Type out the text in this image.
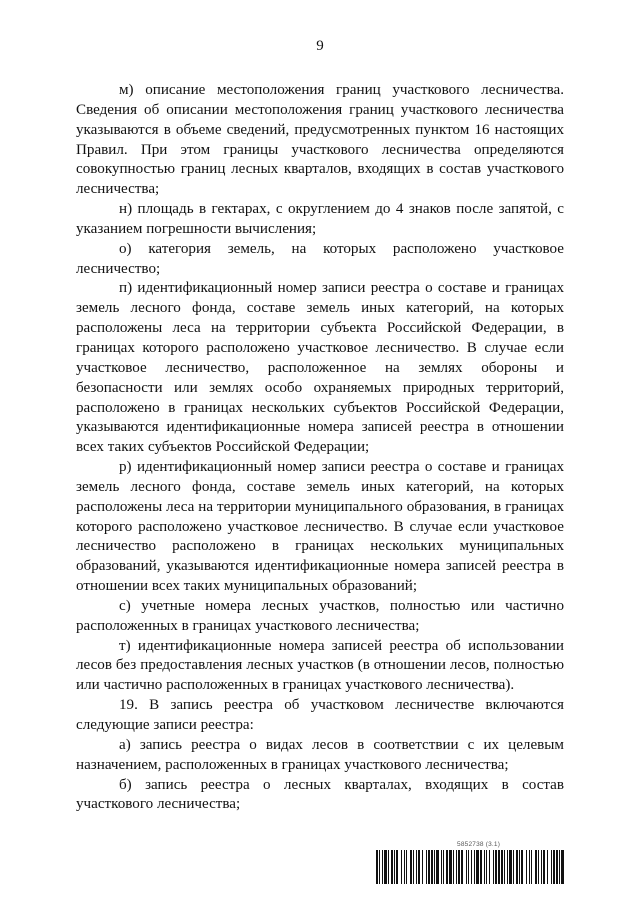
9

м) описание местоположения границ участкового лесничества. Сведения об описании местоположения границ участкового лесничества указываются в объеме сведений, предусмотренных пунктом 16 настоящих Правил. При этом границы участкового лесничества определяются совокупностью границ лесных кварталов, входящих в состав участкового лесничества;

н) площадь в гектарах, с округлением до 4 знаков после запятой, с указанием погрешности вычисления;

о) категория земель, на которых расположено участковое лесничество;

п) идентификационный номер записи реестра о составе и границах земель лесного фонда, составе земель иных категорий, на которых расположены леса на территории субъекта Российской Федерации, в границах которого расположено участковое лесничество. В случае если участковое лесничество, расположенное на землях обороны и безопасности или землях особо охраняемых природных территорий, расположено в границах нескольких субъектов Российской Федерации, указываются идентификационные номера записей реестра в отношении всех таких субъектов Российской Федерации;

р) идентификационный номер записи реестра о составе и границах земель лесного фонда, составе земель иных категорий, на которых расположены леса на территории муниципального образования, в границах которого расположено участковое лесничество. В случае если участковое лесничество расположено в границах нескольких муниципальных образований, указываются идентификационные номера записей реестра в отношении всех таких муниципальных образований;

с) учетные номера лесных участков, полностью или частично расположенных в границах участкового лесничества;

т) идентификационные номера записей реестра об использовании лесов без предоставления лесных участков (в отношении лесов, полностью или частично расположенных в границах участкового лесничества).

19. В запись реестра об участковом лесничестве включаются следующие записи реестра:

а) запись реестра о видах лесов в соответствии с их целевым назначением, расположенных в границах участкового лесничества;

б) запись реестра о лесных кварталах, входящих в состав участкового лесничества;

5852738 (3.1)
